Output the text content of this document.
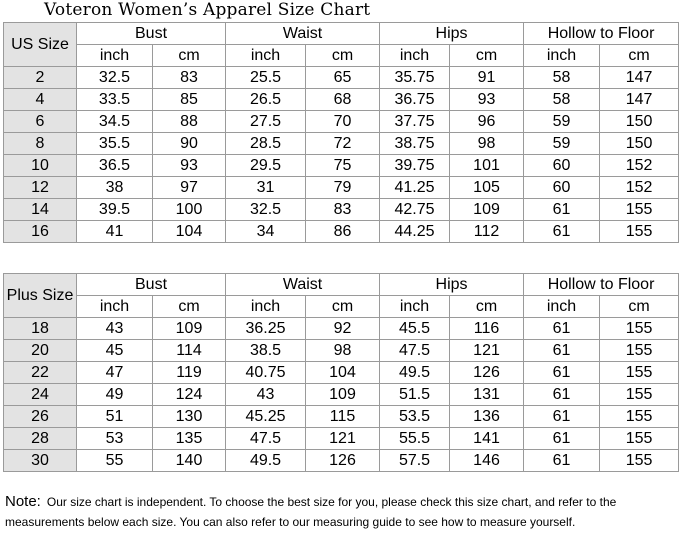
Voteron Women’s Apparel Size Chart
US Size	Bust		Waist		Hips		Hollow to Floor	
	inch	cm	inch	cm	inch	cm	inch	cm
2	32.5	83	25.5	65	35.75	91	58	147
4	33.5	85	26.5	68	36.75	93	58	147
6	34.5	88	27.5	70	37.75	96	59	150
8	35.5	90	28.5	72	38.75	98	59	150
10	36.5	93	29.5	75	39.75	101	60	152
12	38	97	31	79	41.25	105	60	152
14	39.5	100	32.5	83	42.75	109	61	155
16	41	104	34	86	44.25	112	61	155
Plus Size	Bust		Waist		Hips		Hollow to Floor	
	inch	cm	inch	cm	inch	cm	inch	cm
18	43	109	36.25	92	45.5	116	61	155
20	45	114	38.5	98	47.5	121	61	155
22	47	119	40.75	104	49.5	126	61	155
24	49	124	43	109	51.5	131	61	155
26	51	130	45.25	115	53.5	136	61	155
28	53	135	47.5	121	55.5	141	61	155
30	55	140	49.5	126	57.5	146	61	155
Note: Our size chart is independent. To choose the best size for you, please check this size chart, and refer to the measurements below each size. You can also refer to our measuring guide to see how to measure yourself.
